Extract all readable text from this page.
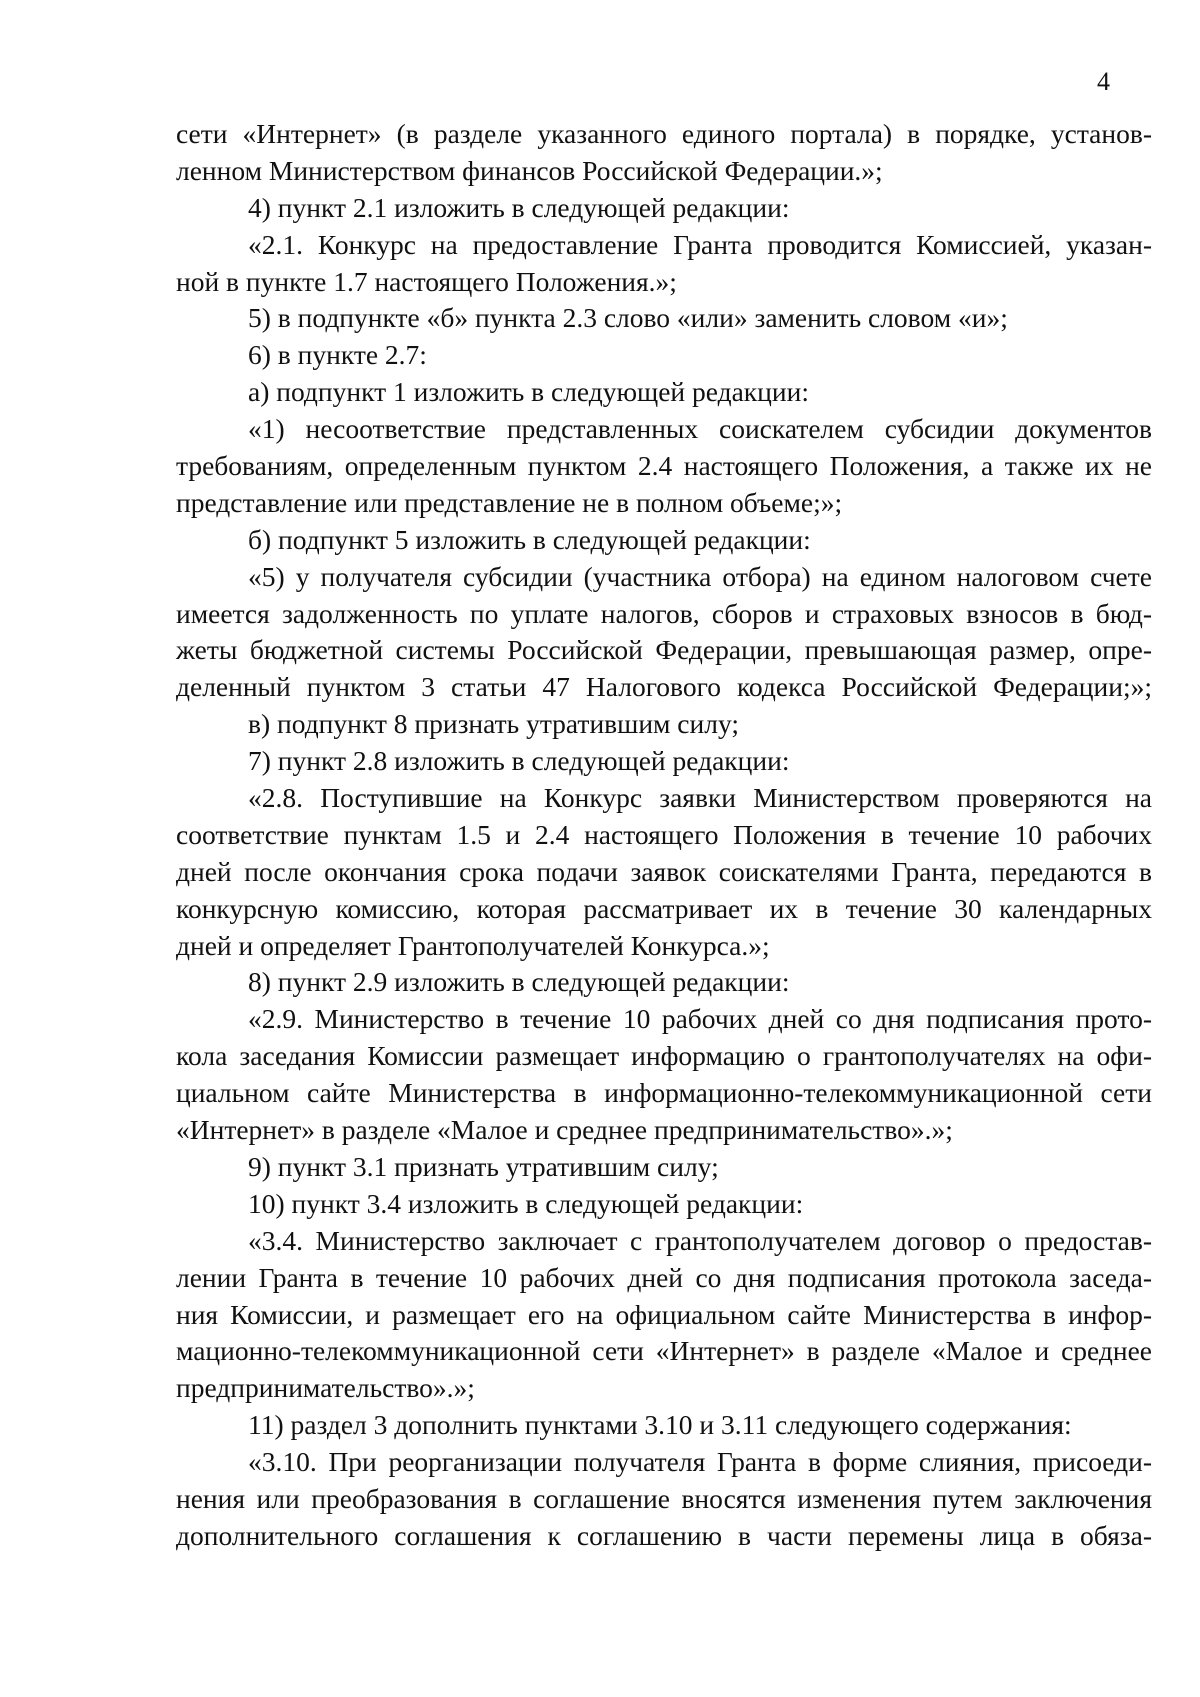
4
сети «Интернет» (в разделе указанного единого портала) в порядке, установ-
ленном Министерством финансов Российской Федерации.»;
4) пункт 2.1 изложить в следующей редакции:
«2.1. Конкурс на предоставление Гранта проводится Комиссией, указан-
ной в пункте 1.7 настоящего Положения.»;
5) в подпункте «б» пункта 2.3 слово «или» заменить словом «и»;
6) в пункте 2.7:
а) подпункт 1 изложить в следующей редакции:
«1) несоответствие представленных соискателем субсидии документов
требованиям, определенным пунктом 2.4 настоящего Положения, а также их не
представление или представление не в полном объеме;»;
б) подпункт 5 изложить в следующей редакции:
«5) у получателя субсидии (участника отбора) на едином налоговом счете
имеется задолженность по уплате налогов, сборов и страховых взносов в бюд-
жеты бюджетной системы Российской Федерации, превышающая размер, опре-
деленный пунктом 3 статьи 47 Налогового кодекса Российской Федерации;»;
в) подпункт 8 признать утратившим силу;
7) пункт 2.8 изложить в следующей редакции:
«2.8. Поступившие на Конкурс заявки Министерством проверяются на
соответствие пунктам 1.5 и 2.4 настоящего Положения в течение 10 рабочих
дней после окончания срока подачи заявок соискателями Гранта, передаются в
конкурсную комиссию, которая рассматривает их в течение 30 календарных
дней и определяет Грантополучателей Конкурса.»;
8) пункт 2.9 изложить в следующей редакции:
«2.9. Министерство в течение 10 рабочих дней со дня подписания прото-
кола заседания Комиссии размещает информацию о грантополучателях на офи-
циальном сайте Министерства в информационно-телекоммуникационной сети
«Интернет» в разделе «Малое и среднее предпринимательство».»;
9) пункт 3.1 признать утратившим силу;
10) пункт 3.4 изложить в следующей редакции:
«3.4. Министерство заключает с грантополучателем договор о предостав-
лении Гранта в течение 10 рабочих дней со дня подписания протокола заседа-
ния Комиссии, и размещает его на официальном сайте Министерства в инфор-
мационно-телекоммуникационной сети «Интернет» в разделе «Малое и среднее
предпринимательство».»;
11) раздел 3 дополнить пунктами 3.10 и 3.11 следующего содержания:
«3.10. При реорганизации получателя Гранта в форме слияния, присоеди-
нения или преобразования в соглашение вносятся изменения путем заключения
дополнительного соглашения к соглашению в части перемены лица в обяза-
